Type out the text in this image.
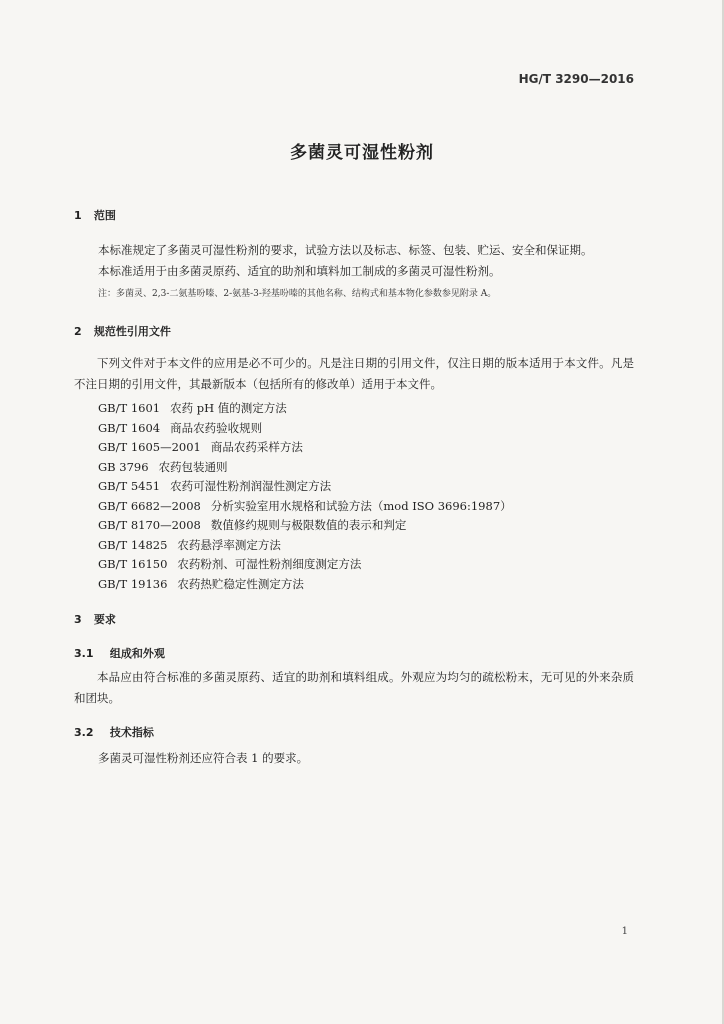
HG/T 3290—2016
多菌灵可湿性粉剂
1 范围
本标准规定了多菌灵可湿性粉剂的要求，试验方法以及标志、标签、包装、贮运、安全和保证期。
本标准适用于由多菌灵原药、适宜的助剂和填料加工制成的多菌灵可湿性粉剂。
注：多菌灵、2,3-二氨基吩嗪、2-氨基-3-羟基吩嗪的其他名称、结构式和基本物化参数参见附录 A。
2 规范性引用文件
下列文件对于本文件的应用是必不可少的。凡是注日期的引用文件，仅注日期的版本适用于本文件。凡是不注日期的引用文件，其最新版本（包括所有的修改单）适用于本文件。
GB/T 1601 农药 pH 值的测定方法
GB/T 1604 商品农药验收规则
GB/T 1605—2001 商品农药采样方法
GB 3796 农药包装通则
GB/T 5451 农药可湿性粉剂润湿性测定方法
GB/T 6682—2008 分析实验室用水规格和试验方法（mod ISO 3696:1987）
GB/T 8170—2008 数值修约规则与极限数值的表示和判定
GB/T 14825 农药悬浮率测定方法
GB/T 16150 农药粉剂、可湿性粉剂细度测定方法
GB/T 19136 农药热贮稳定性测定方法
3 要求
3.1 组成和外观
本品应由符合标准的多菌灵原药、适宜的助剂和填料组成。外观应为均匀的疏松粉末，无可见的外来杂质和团块。
3.2 技术指标
多菌灵可湿性粉剂还应符合表 1 的要求。
1
